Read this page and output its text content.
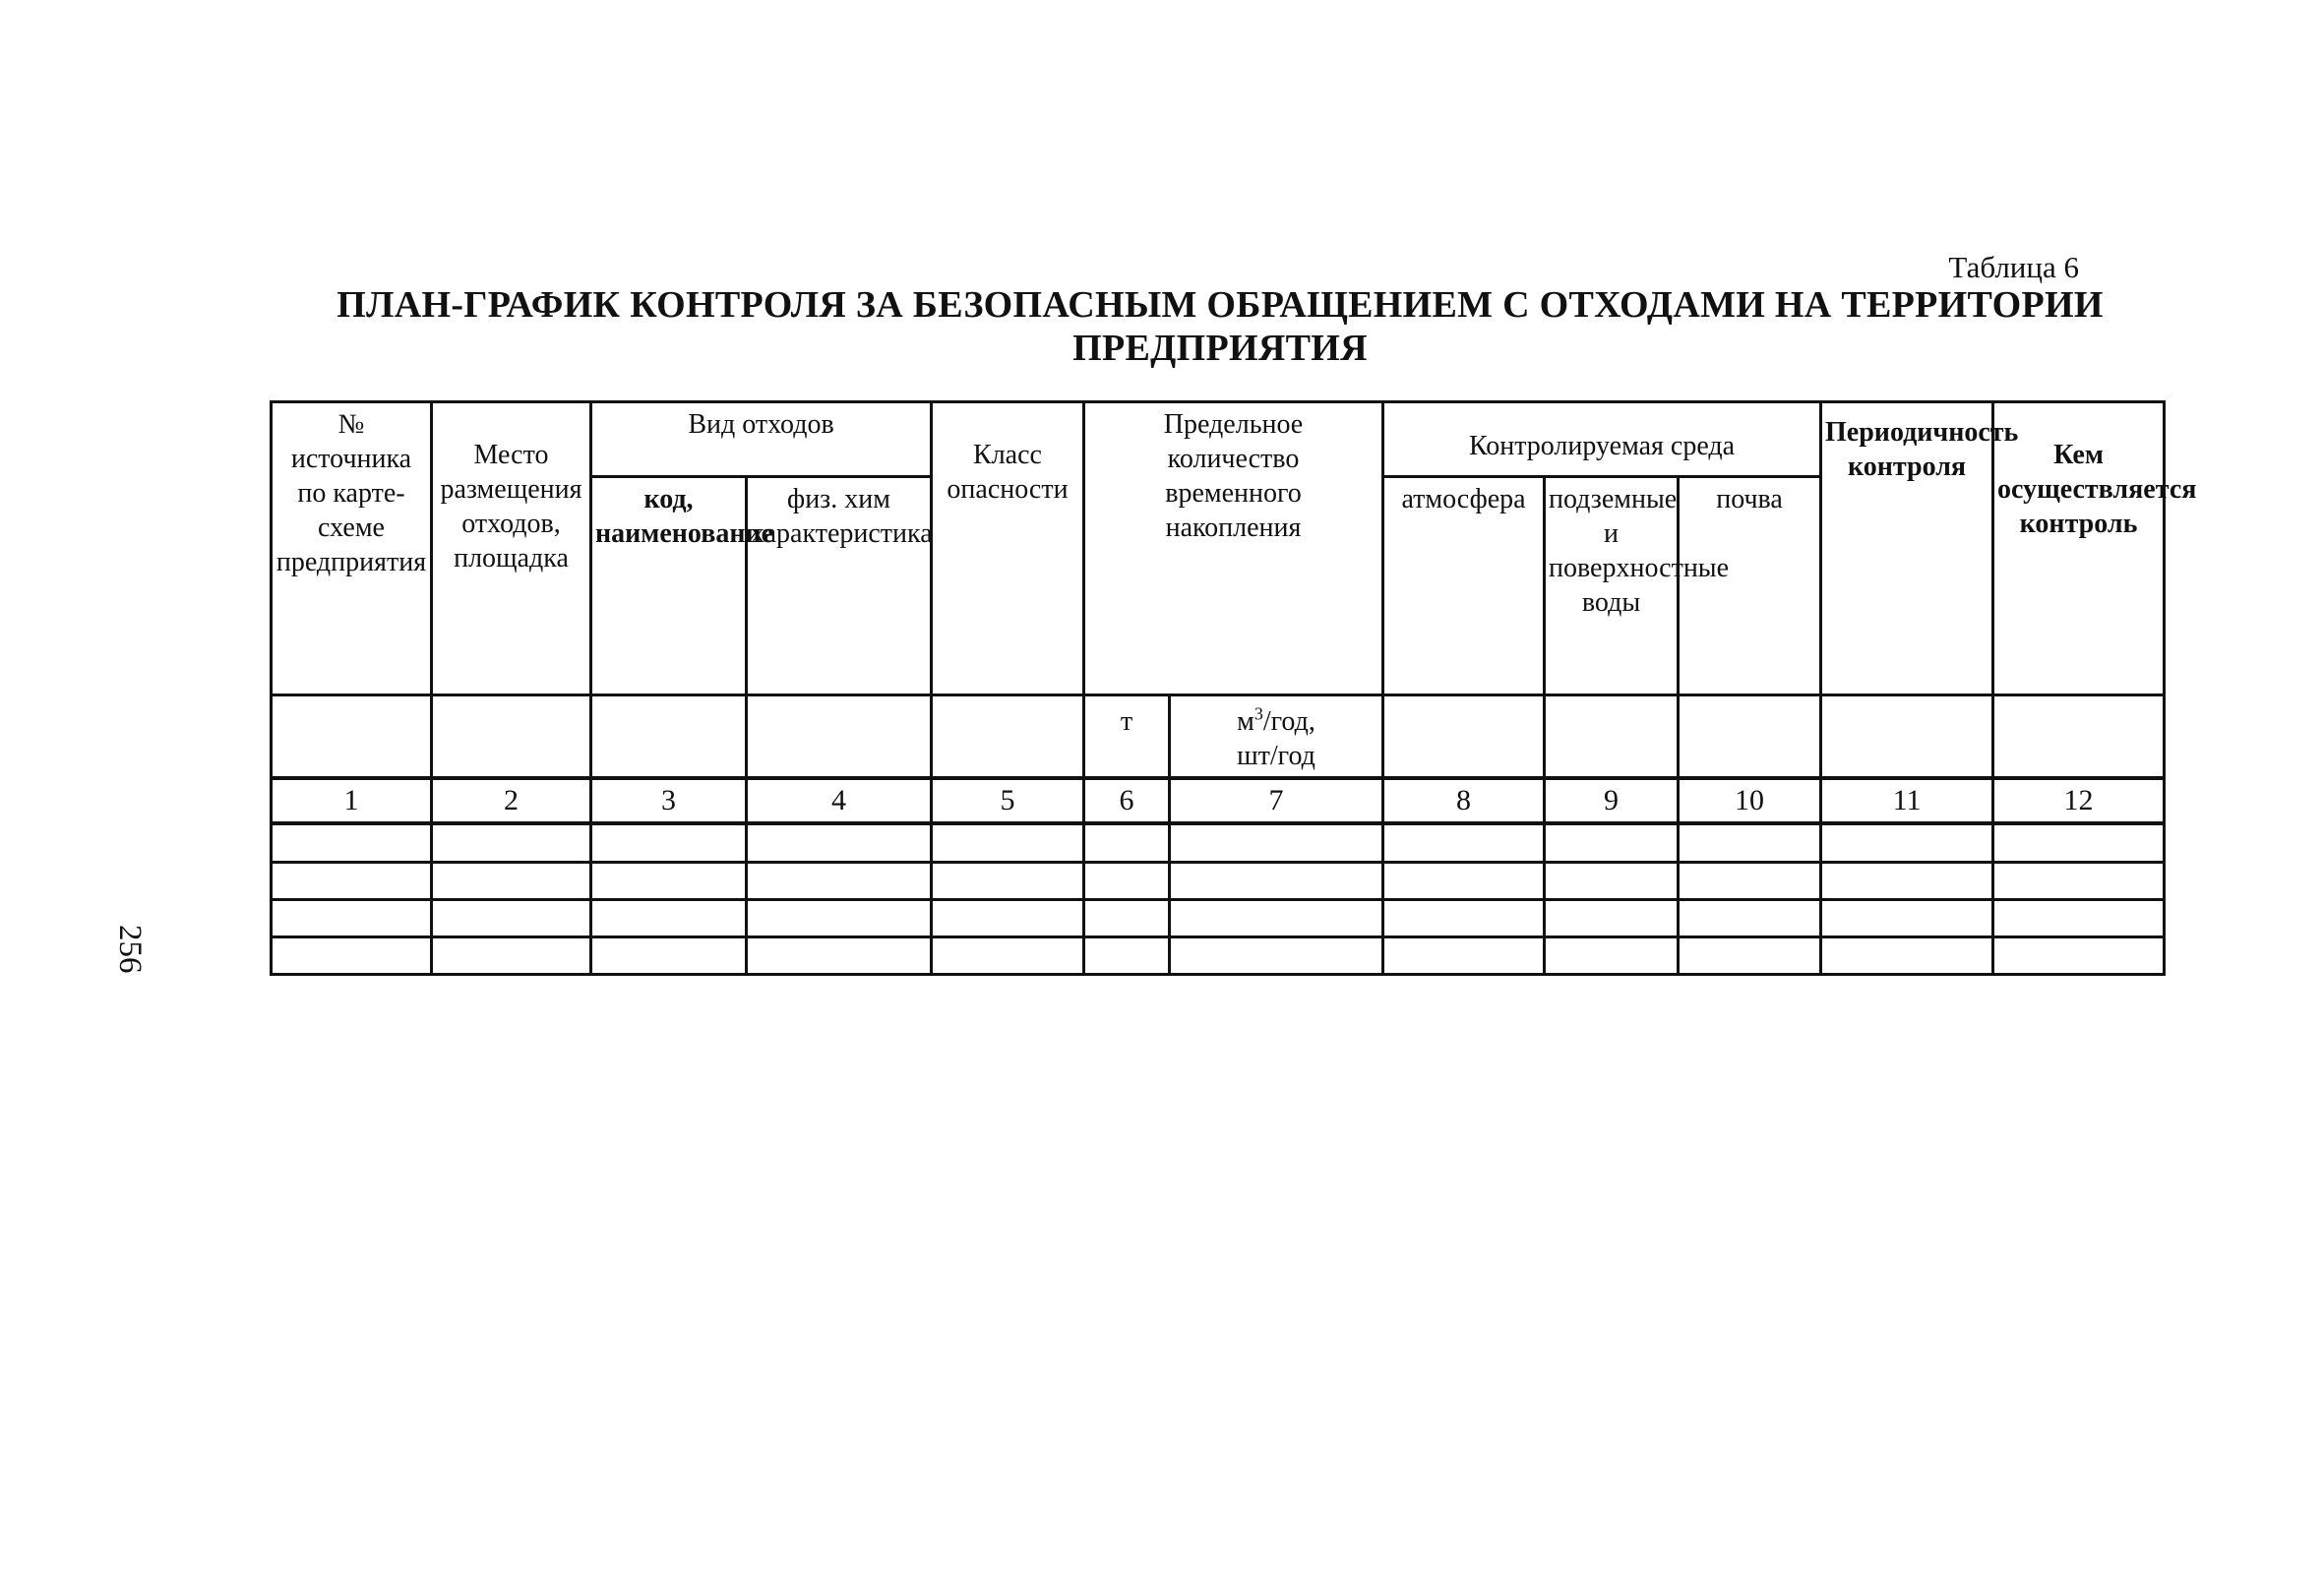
Таблица 6
ПЛАН-ГРАФИК КОНТРОЛЯ ЗА БЕЗОПАСНЫМ ОБРАЩЕНИЕМ С ОТХОДАМИ НА ТЕРРИТОРИИ ПРЕДПРИЯТИЯ
№ источника по карте-схеме предприятия	Место размещения отходов, площадка	Вид отходов		Класс опасности	Предельное количество временного накопления		Контролируемая среда			Периодичность контроля	Кем осуществляется контроль
		код, наименование	физ. хим характеристика				атмосфера	подземные и поверхностные воды	почва		
					т	$м^3$/год,
шт/год					

1	2	3	4	5	6	7	8	9	10	11	12

256
